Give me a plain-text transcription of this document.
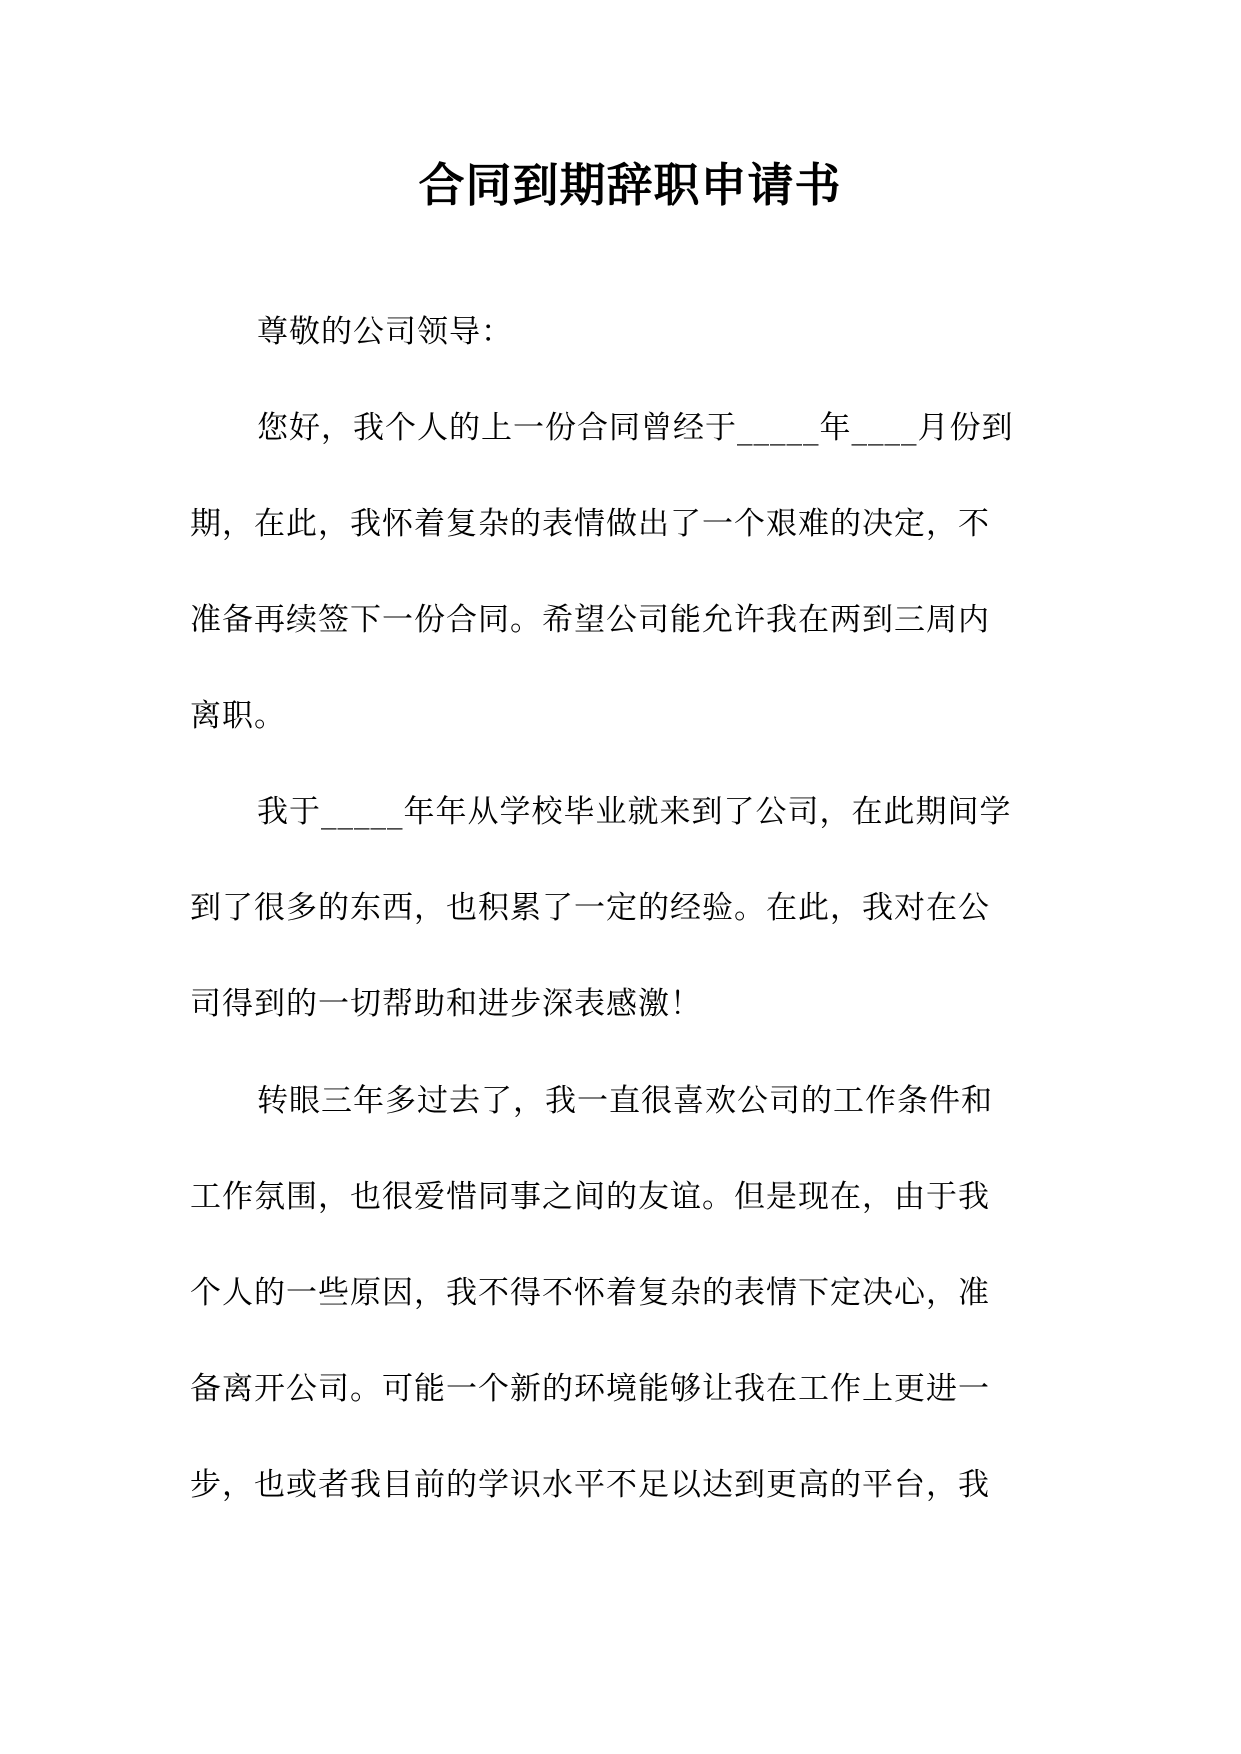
合同到期辞职申请书
尊敬的公司领导：
您好，我个人的上一份合同曾经于_____年____月份到
期，在此，我怀着复杂的表情做出了一个艰难的决定，不
准备再续签下一份合同。希望公司能允许我在两到三周内
离职。
我于_____年年从学校毕业就来到了公司，在此期间学
到了很多的东西，也积累了一定的经验。在此，我对在公
司得到的一切帮助和进步深表感激！
转眼三年多过去了，我一直很喜欢公司的工作条件和
工作氛围，也很爱惜同事之间的友谊。但是现在，由于我
个人的一些原因，我不得不怀着复杂的表情下定决心，准
备离开公司。可能一个新的环境能够让我在工作上更进一
步，也或者我目前的学识水平不足以达到更高的平台，我
